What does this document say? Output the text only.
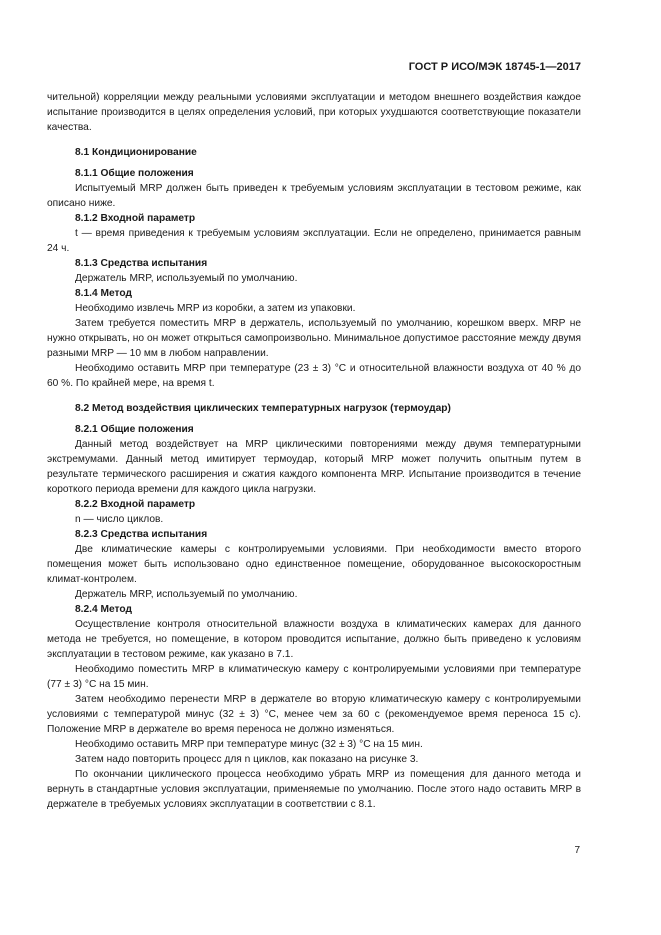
ГОСТ Р ИСО/МЭК 18745-1—2017

чительной) корреляции между реальными условиями эксплуатации и методом внешнего воздействия каждое испытание производится в целях определения условий, при которых ухудшаются соответствующие показатели качества.

8.1 Кондиционирование
8.1.1 Общие положения

Испытуемый MRP должен быть приведен к требуемым условиям эксплуатации в тестовом режиме, как описано ниже.

8.1.2 Входной параметр

t — время приведения к требуемым условиям эксплуатации. Если не определено, принимается равным 24 ч.

8.1.3 Средства испытания

Держатель MRP, используемый по умолчанию.

8.1.4 Метод

Необходимо извлечь MRP из коробки, а затем из упаковки.

Затем требуется поместить MRP в держатель, используемый по умолчанию, корешком вверх. MRP не нужно открывать, но он может открыться самопроизвольно. Минимальное допустимое расстояние между двумя разными MRP — 10 мм в любом направлении.

Необходимо оставить MRP при температуре (23 ± 3) °С и относительной влажности воздуха от 40 % до 60 %. По крайней мере, на время t.

8.2 Метод воздействия циклических температурных нагрузок (термоудар)
8.2.1 Общие положения

Данный метод воздействует на MRP циклическими повторениями между двумя температурными экстремумами. Данный метод имитирует термоудар, который MRP может получить опытным путем в результате термического расширения и сжатия каждого компонента MRP. Испытание производится в течение короткого периода времени для каждого цикла нагрузки.

8.2.2 Входной параметр

n — число циклов.

8.2.3 Средства испытания

Две климатические камеры с контролируемыми условиями. При необходимости вместо второго помещения может быть использовано одно единственное помещение, оборудованное высокоскоростным климат-контролем.

Держатель MRP, используемый по умолчанию.

8.2.4 Метод

Осуществление контроля относительной влажности воздуха в климатических камерах для данного метода не требуется, но помещение, в котором проводится испытание, должно быть приведено к условиям эксплуатации в тестовом режиме, как указано в 7.1.

Необходимо поместить MRP в климатическую камеру с контролируемыми условиями при температуре (77 ± 3) °С на 15 мин.

Затем необходимо перенести MRP в держателе во вторую климатическую камеру с контролируемыми условиями с температурой минус (32 ± 3) °С, менее чем за 60 с (рекомендуемое время переноса 15 с). Положение MRP в держателе во время переноса не должно изменяться.

Необходимо оставить MRP при температуре минус (32 ± 3) °С на 15 мин.

Затем надо повторить процесс для n циклов, как показано на рисунке 3.

По окончании циклического процесса необходимо убрать MRP из помещения для данного метода и вернуть в стандартные условия эксплуатации, применяемые по умолчанию. После этого надо оставить MRP в держателе в требуемых условиях эксплуатации в соответствии с 8.1.

7
